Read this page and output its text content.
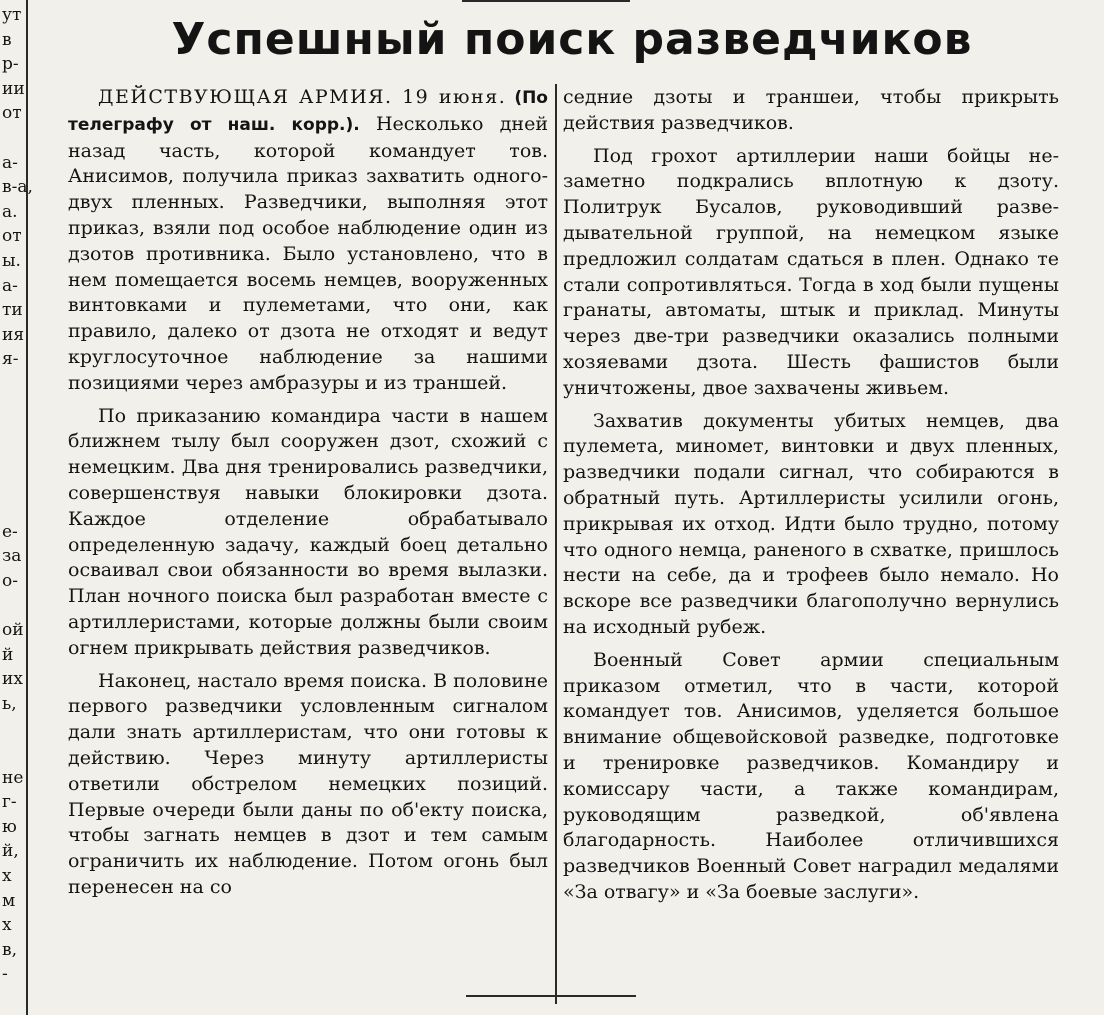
ут
в
р-
ии
от
а-
в-а,
а.
от
ы.
а-
ти
ия
я-
е-
за
о-
ой
й
их
ь,
не
г-
ю
й,
х
м
х
в,
-
Успешный поиск разведчиков

ДЕЙСТВУЮЩАЯ АРМИЯ. 19 июня. (По телеграфу от наш. корр.). Несколько дней назад часть, которой командует тов. Анисимов, получила приказ захватить одного-двух пленных. Разведчики, выполняя этот приказ, взяли под особое наблюдение один из дзотов противника. Было установлено, что в нем помещается восемь немцев, вооруженных винтовками и пулеметами, что они, как правило, далеко от дзота не отходят и ведут круглосуточное наблюдение за нашими позициями через амбразуры и из траншей.

По приказанию командира части в нашем ближнем тылу был сооружен дзот, схожий с немецким. Два дня тренировались разведчики, совершенствуя навыки блокировки дзота. Каждое отделение обрабатывало определенную задачу, каждый боец детально осваивал свои обязанности во время вылазки. План ночного поиска был разработан вместе с артиллеристами, которые должны были своим огнем прикрывать действия разведчиков.

Наконец, настало время поиска. В половине первого разведчики условленным сигналом дали знать артиллеристам, что они готовы к действию. Через минуту артиллеристы ответили обстрелом немецких позиций. Первые очереди были даны по об'екту поиска, чтобы загнать немцев в дзот и тем самым ограничить их наблюдение. Потом огонь был перенесен на со

седние дзоты и траншеи, чтобы прикрыть действия разведчиков.

Под грохот артиллерии наши бойцы незаметно подкрались вплотную к дзоту. Политрук Бусалов, руководивший разведывательной группой, на немецком языке предложил солдатам сдаться в плен. Однако те стали сопротивляться. Тогда в ход были пущены гранаты, автоматы, штык и приклад. Минуты через две-три разведчики оказались полными хозяевами дзота. Шесть фашистов были уничтожены, двое захвачены живьем.

Захватив документы убитых немцев, два пулемета, миномет, винтовки и двух пленных, разведчики подали сигнал, что собираются в обратный путь. Артиллеристы усилили огонь, прикрывая их отход. Идти было трудно, потому что одного немца, раненого в схватке, пришлось нести на себе, да и трофеев было немало. Но вскоре все разведчики благополучно вернулись на исходный рубеж.

Военный Совет армии специальным приказом отметил, что в части, которой командует тов. Анисимов, уделяется большое внимание общевойсковой разведке, подготовке и тренировке разведчиков. Командиру и комиссару части, а также командирам, руководящим разведкой, об'явлена благодарность. Наиболее отличившихся разведчиков Военный Совет наградил медалями «За отвагу» и «За боевые заслуги».
